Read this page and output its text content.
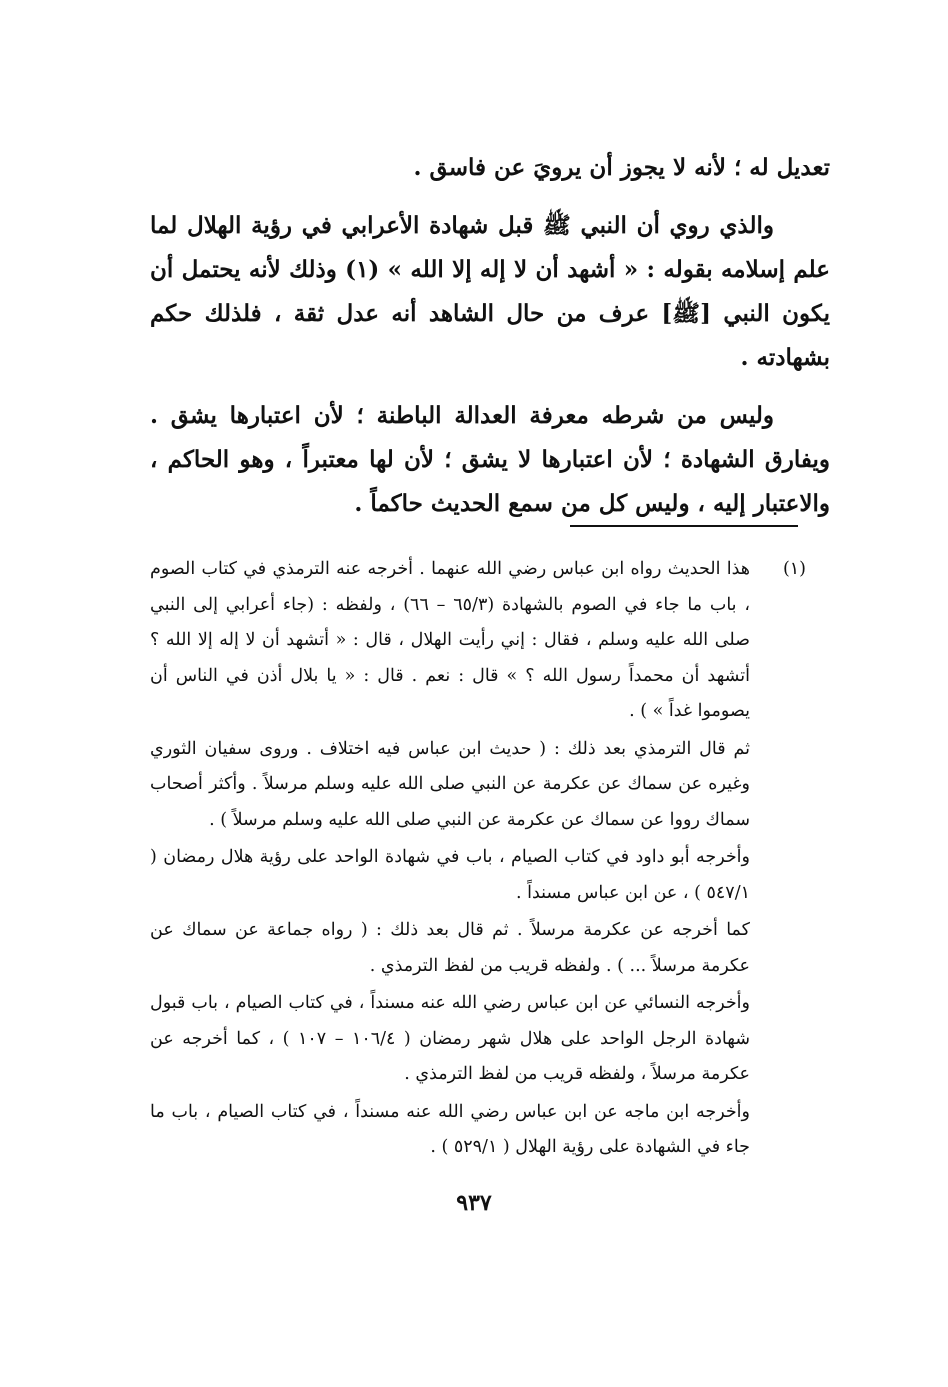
تعديل له ؛ لأنه لا يجوز أن يرويَ عن فاسق .

والذي روي أن النبي ﷺ قبل شهادة الأعرابي في رؤية الهلال لما علم إسلامه بقوله : « أشهد أن لا إله إلا الله » (١) وذلك لأنه يحتمل أن يكون النبي [ﷺ] عرف من حال الشاهد أنه عدل ثقة ، فلذلك حكم بشهادته .

وليس من شرطه معرفة العدالة الباطنة ؛ لأن اعتبارها يشق . ويفارق الشهادة ؛ لأن اعتبارها لا يشق ؛ لأن لها معتبراً ، وهو الحاكم ، والاعتبار إليه ، وليس كل من سمع الحديث حاكماً .

(١)

هذا الحديث رواه ابن عباس رضي الله عنهما . أخرجه عنه الترمذي في كتاب الصوم ، باب ما جاء في الصوم بالشهادة (٦٥/٣ – ٦٦) ، ولفظه : (جاء أعرابي إلى النبي صلى الله عليه وسلم ، فقال : إني رأيت الهلال ، قال : « أتشهد أن لا إله إلا الله ؟ أتشهد أن محمداً رسول الله ؟ » قال : نعم . قال : « يا بلال أذن في الناس أن يصوموا غداً » ) .

ثم قال الترمذي بعد ذلك : ( حديث ابن عباس فيه اختلاف . وروى سفيان الثوري وغيره عن سماك عن عكرمة عن النبي صلى الله عليه وسلم مرسلاً . وأكثر أصحاب سماك رووا عن سماك عن عكرمة عن النبي صلى الله عليه وسلم مرسلاً ) .

وأخرجه أبو داود في كتاب الصيام ، باب في شهادة الواحد على رؤية هلال رمضان ( ٥٤٧/١ ) ، عن ابن عباس مسنداً .

كما أخرجه عن عكرمة مرسلاً . ثم قال بعد ذلك : ( رواه جماعة عن سماك عن عكرمة مرسلاً ... ) . ولفظه قريب من لفظ الترمذي .

وأخرجه النسائي عن ابن عباس رضي الله عنه مسنداً ، في كتاب الصيام ، باب قبول شهادة الرجل الواحد على هلال شهر رمضان ( ١٠٦/٤ – ١٠٧ ) ، كما أخرجه عن عكرمة مرسلاً ، ولفظه قريب من لفظ الترمذي .

وأخرجه ابن ماجه عن ابن عباس رضي الله عنه مسنداً ، في كتاب الصيام ، باب ما جاء في الشهادة على رؤية الهلال ( ٥٢٩/١ ) .

٩٣٧
